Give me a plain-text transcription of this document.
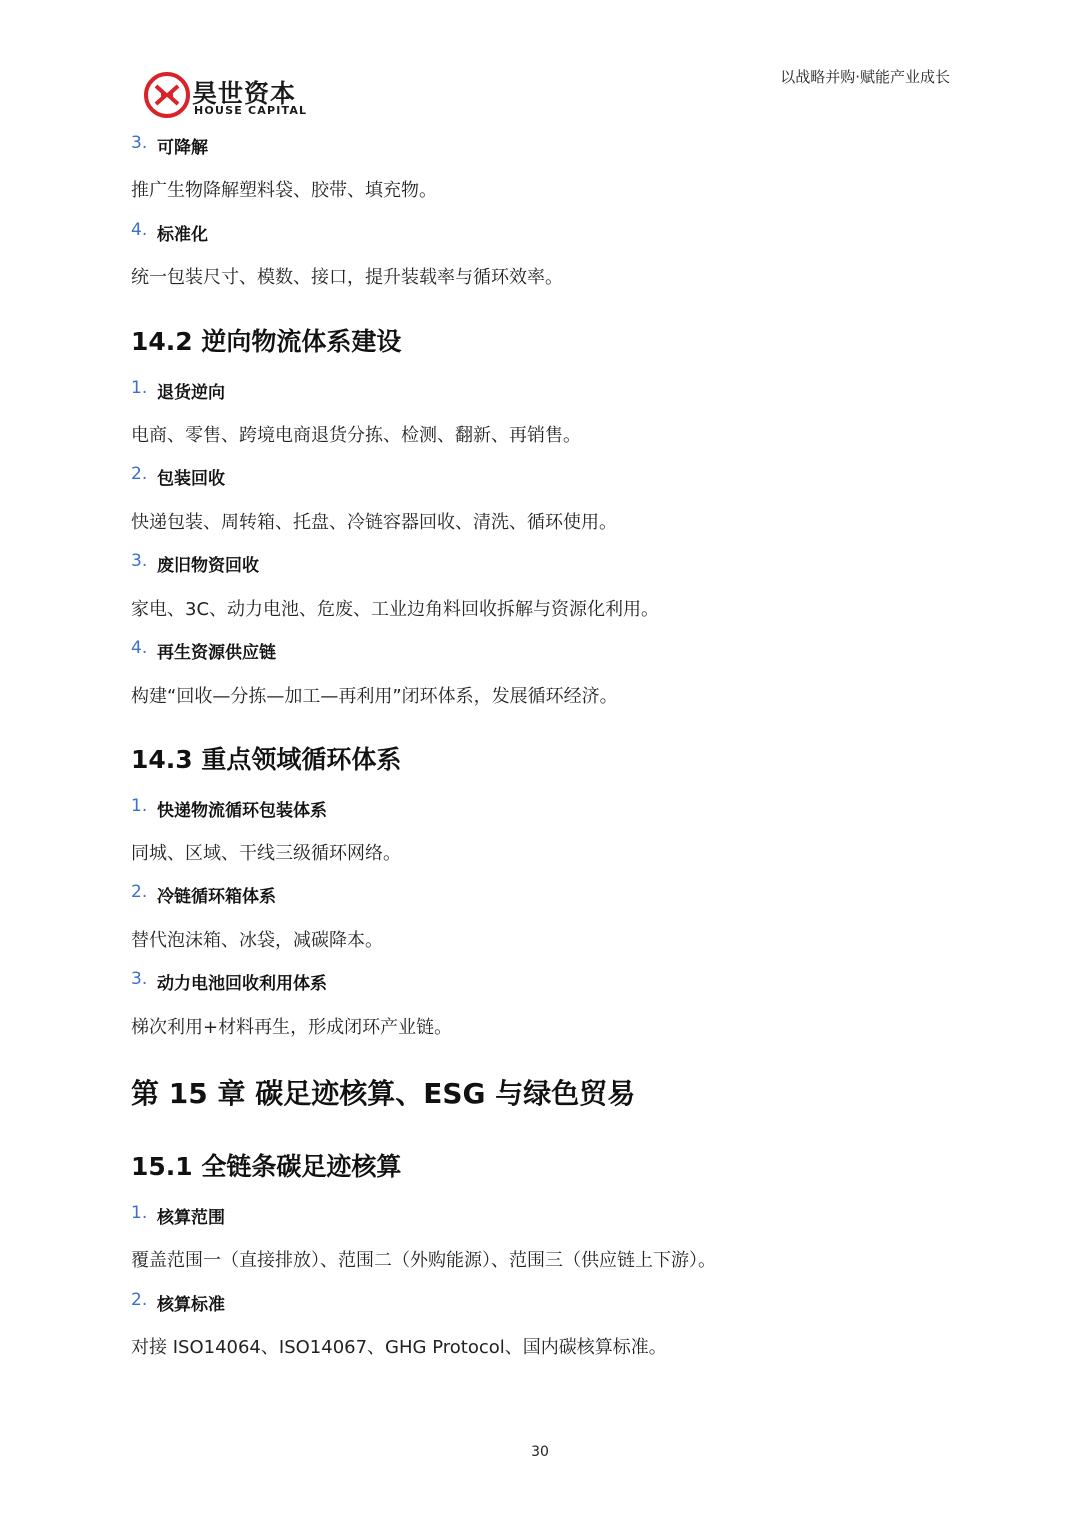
昊世资本
HOUSE CAPITAL
以战略并购·赋能产业成长
3. 可降解
推广生物降解塑料袋、胶带、填充物。
4. 标准化
统一包装尺寸、模数、接口，提升装载率与循环效率。
14.2 逆向物流体系建设
1. 退货逆向
电商、零售、跨境电商退货分拣、检测、翻新、再销售。
2. 包装回收
快递包装、周转箱、托盘、冷链容器回收、清洗、循环使用。
3. 废旧物资回收
家电、3C、动力电池、危废、工业边角料回收拆解与资源化利用。
4. 再生资源供应链
构建“回收—分拣—加工—再利用”闭环体系，发展循环经济。
14.3 重点领域循环体系
1. 快递物流循环包装体系
同城、区域、干线三级循环网络。
2. 冷链循环箱体系
替代泡沫箱、冰袋，减碳降本。
3. 动力电池回收利用体系
梯次利用+材料再生，形成闭环产业链。
第 15 章 碳足迹核算、ESG 与绿色贸易
15.1 全链条碳足迹核算
1. 核算范围
覆盖范围一（直接排放）、范围二（外购能源）、范围三（供应链上下游）。
2. 核算标准
对接 ISO14064、ISO14067、GHG Protocol、国内碳核算标准。
30
